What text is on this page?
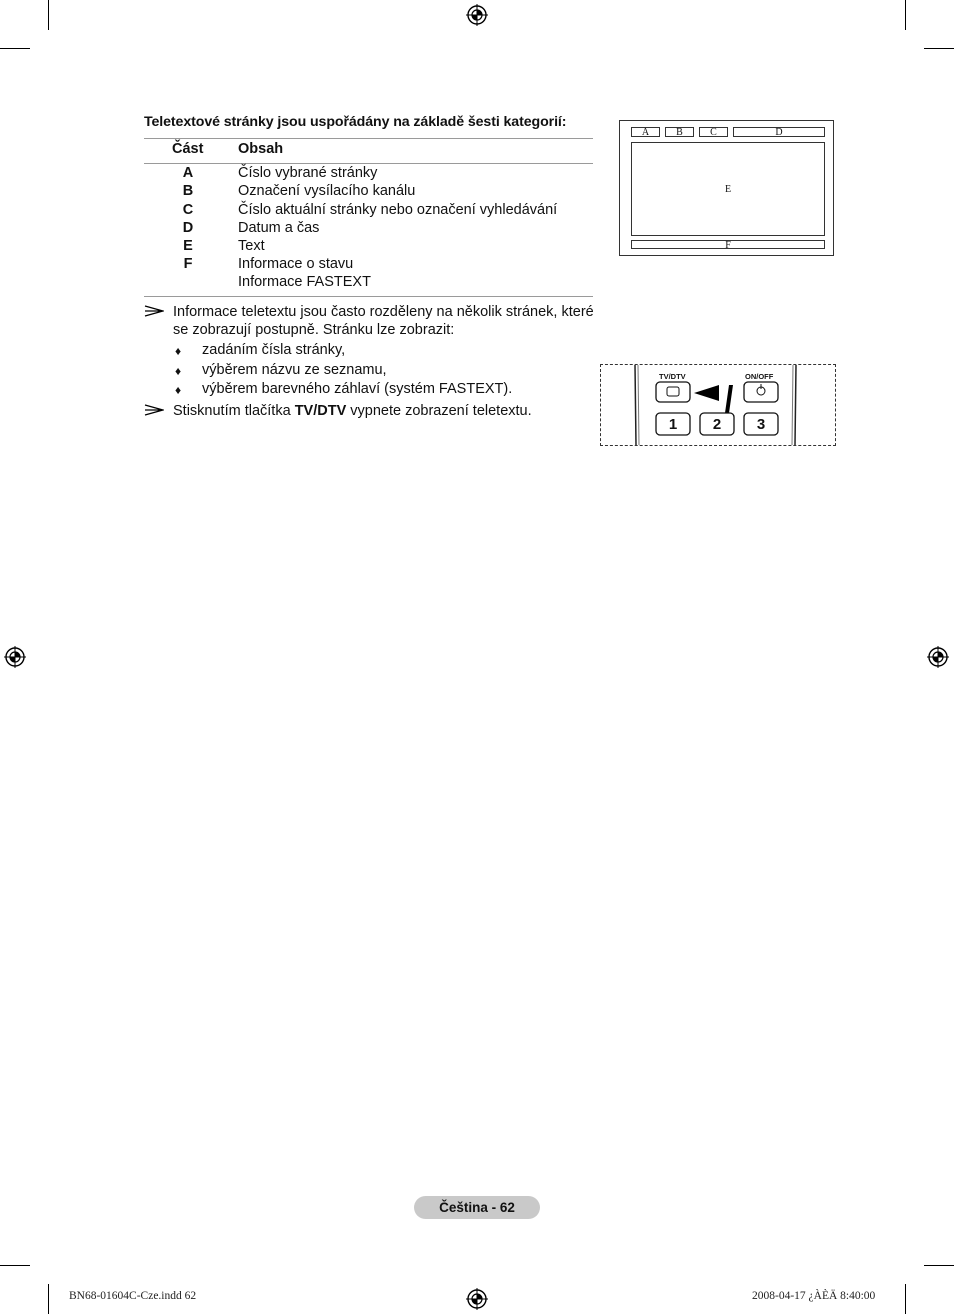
Teletextové stránky jsou uspořádány na základě šesti kategorií:
Část Obsah
A	Číslo vybrané stránky
B	Označení vysílacího kanálu
C	Číslo aktuální stránky nebo označení vyhledávání
D	Datum a čas
E	Text
F	Informace o stavu
Informace FASTEXT
Informace teletextu jsou často rozděleny na několik stránek, které se zobrazují postupně. Stránku lze zobrazit:
♦ zadáním čísla stránky,
♦ výběrem názvu ze seznamu,
♦ výběrem barevného záhlaví (systém FASTEXT).
Stisknutím tlačítka TV/DTV vypnete zobrazení teletextu.
A	B	C	D
E
F
TV/DTV	ON/OFF
1	2	3
Čeština - 62
BN68-01604C-Cze.indd 62	2008-04-17 ¿ÀÈÄ 8:40:00
